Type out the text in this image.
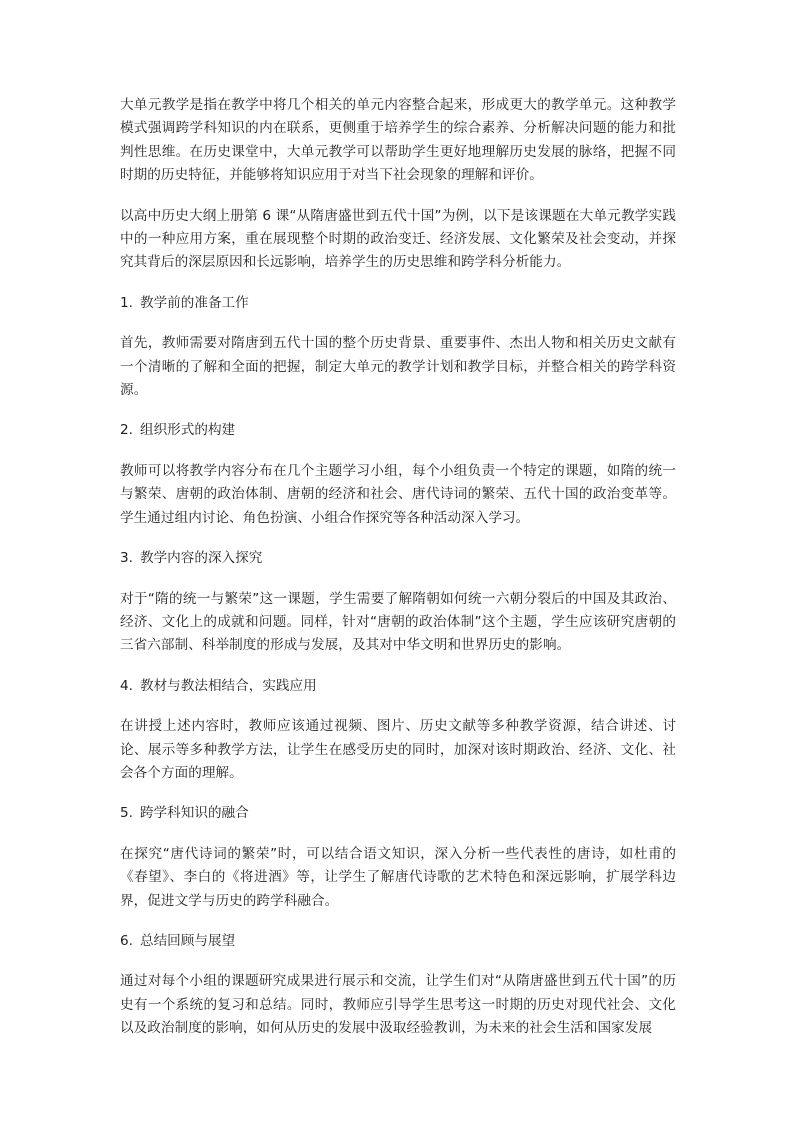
大单元教学是指在教学中将几个相关的单元内容整合起来，形成更大的教学单元。这种教学模式强调跨学科知识的内在联系，更侧重于培养学生的综合素养、分析解决问题的能力和批判性思维。在历史课堂中，大单元教学可以帮助学生更好地理解历史发展的脉络，把握不同时期的历史特征，并能够将知识应用于对当下社会现象的理解和评价。

以高中历史大纲上册第 6 课“从隋唐盛世到五代十国”为例，以下是该课题在大单元教学实践中的一种应用方案，重在展现整个时期的政治变迁、经济发展、文化繁荣及社会变动，并探究其背后的深层原因和长远影响，培养学生的历史思维和跨学科分析能力。

1. 教学前的准备工作

首先，教师需要对隋唐到五代十国的整个历史背景、重要事件、杰出人物和相关历史文献有一个清晰的了解和全面的把握，制定大单元的教学计划和教学目标，并整合相关的跨学科资源。

2. 组织形式的构建

教师可以将教学内容分布在几个主题学习小组，每个小组负责一个特定的课题，如隋的统一与繁荣、唐朝的政治体制、唐朝的经济和社会、唐代诗词的繁荣、五代十国的政治变革等。学生通过组内讨论、角色扮演、小组合作探究等各种活动深入学习。

3. 教学内容的深入探究

对于“隋的统一与繁荣”这一课题，学生需要了解隋朝如何统一六朝分裂后的中国及其政治、经济、文化上的成就和问题。同样，针对“唐朝的政治体制”这个主题，学生应该研究唐朝的三省六部制、科举制度的形成与发展，及其对中华文明和世界历史的影响。

4. 教材与教法相结合，实践应用

在讲授上述内容时，教师应该通过视频、图片、历史文献等多种教学资源，结合讲述、讨论、展示等多种教学方法，让学生在感受历史的同时，加深对该时期政治、经济、文化、社会各个方面的理解。

5. 跨学科知识的融合

在探究“唐代诗词的繁荣”时，可以结合语文知识，深入分析一些代表性的唐诗，如杜甫的《春望》、李白的《将进酒》等，让学生了解唐代诗歌的艺术特色和深远影响，扩展学科边界，促进文学与历史的跨学科融合。

6. 总结回顾与展望

通过对每个小组的课题研究成果进行展示和交流，让学生们对“从隋唐盛世到五代十国”的历史有一个系统的复习和总结。同时，教师应引导学生思考这一时期的历史对现代社会、文化以及政治制度的影响，如何从历史的发展中汲取经验教训，为未来的社会生活和国家发展
